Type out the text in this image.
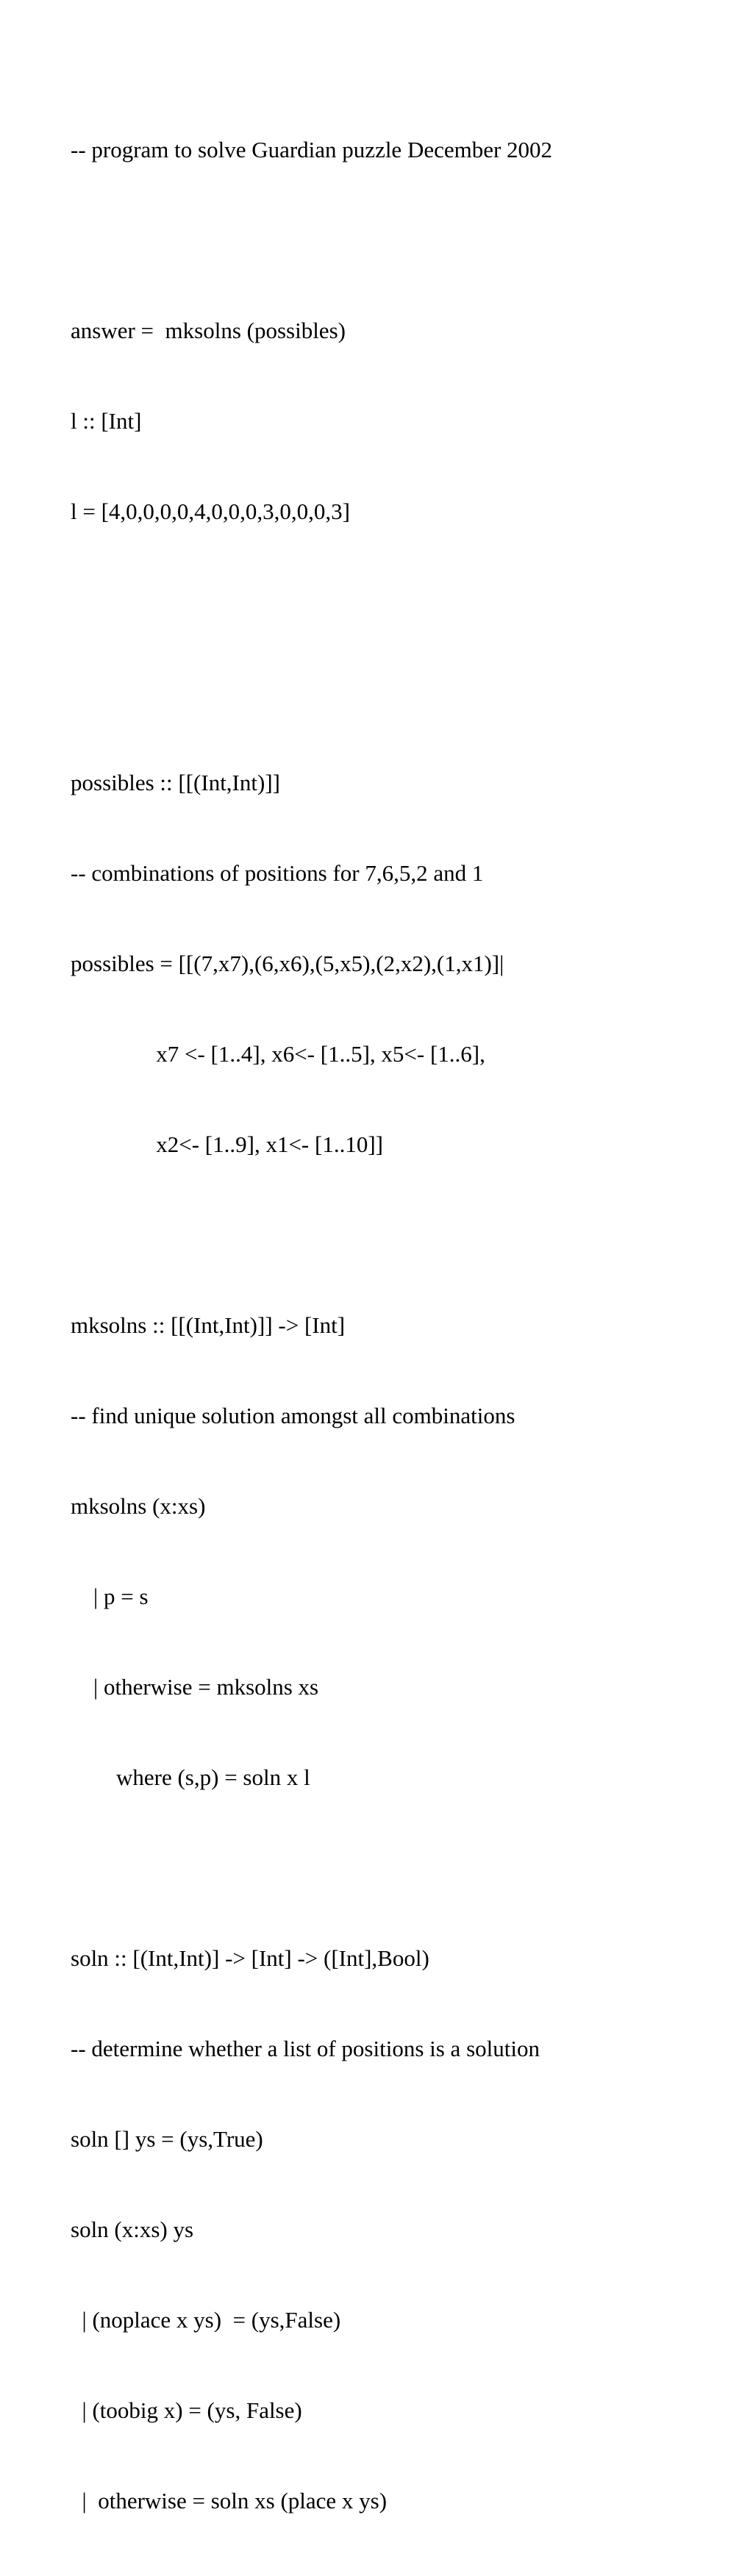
-- program to solve Guardian puzzle December 2002

answer =  mksolns (possibles)

l :: [Int]

l = [4,0,0,0,0,4,0,0,0,3,0,0,0,3]

possibles :: [[(Int,Int)]]

-- combinations of positions for 7,6,5,2 and 1

possibles = [[(7,x7),(6,x6),(5,x5),(2,x2),(1,x1)]|

x7 <- [1..4], x6<- [1..5], x5<- [1..6],

x2<- [1..9], x1<- [1..10]]

mksolns :: [[(Int,Int)]] -> [Int]

-- find unique solution amongst all combinations

mksolns (x:xs)

| p = s

| otherwise = mksolns xs

where (s,p) = soln x l

soln :: [(Int,Int)] -> [Int] -> ([Int],Bool)

-- determine whether a list of positions is a solution

soln [] ys = (ys,True)

soln (x:xs) ys

| (noplace x ys)  = (ys,False)

| (toobig x) = (ys, False)

|  otherwise = soln xs (place x ys)
